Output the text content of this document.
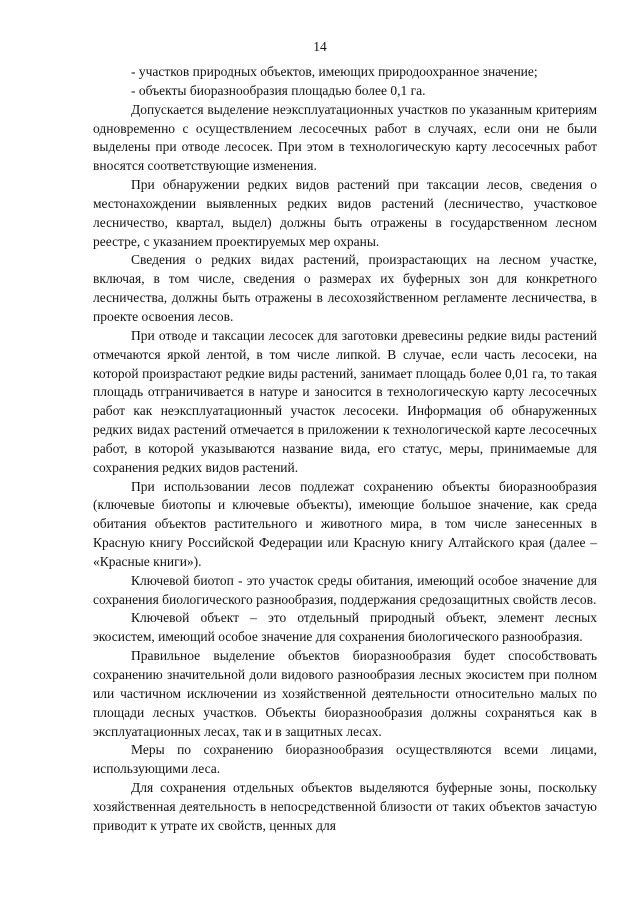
14

- участков природных объектов, имеющих природоохранное значение;

- объекты биоразнообразия площадью более 0,1 га.

Допускается выделение неэксплуатационных участков по указанным критериям одновременно с осуществлением лесосечных работ в случаях, если они не были выделены при отводе лесосек. При этом в технологическую карту лесосечных работ вносятся соответствующие изменения.

При обнаружении редких видов растений при таксации лесов, сведения о местонахождении выявленных редких видов растений (лесничество, участковое лесничество, квартал, выдел) должны быть отражены в государственном лесном реестре, с указанием проектируемых мер охраны.

Сведения о редких видах растений, произрастающих на лесном участке, включая, в том числе, сведения о размерах их буферных зон для конкретного лесничества, должны быть отражены в лесохозяйственном регламенте лесничества, в проекте освоения лесов.

При отводе и таксации лесосек для заготовки древесины редкие виды растений отмечаются яркой лентой, в том числе липкой. В случае, если часть лесосеки, на которой произрастают редкие виды растений, занимает площадь более 0,01 га, то такая площадь отграничивается в натуре и заносится в технологическую карту лесосечных работ как неэксплуатационный участок лесосеки. Информация об обнаруженных редких видах растений отмечается в приложении к технологической карте лесосечных работ, в которой указываются название вида, его статус, меры, принимаемые для сохранения редких видов растений.

При использовании лесов подлежат сохранению объекты биоразнообразия (ключевые биотопы и ключевые объекты), имеющие большое значение, как среда обитания объектов растительного и животного мира, в том числе занесенных в Красную книгу Российской Федерации или Красную книгу Алтайского края (далее – «Красные книги»).

Ключевой биотоп - это участок среды обитания, имеющий особое значение для сохранения биологического разнообразия, поддержания средозащитных свойств лесов.

Ключевой объект – это отдельный природный объект, элемент лесных экосистем, имеющий особое значение для сохранения биологического разнообразия.

Правильное выделение объектов биоразнообразия будет способствовать сохранению значительной доли видового разнообразия лесных экосистем при полном или частичном исключении из хозяйственной деятельности относительно малых по площади лесных участков. Объекты биоразнообразия должны сохраняться как в эксплуатационных лесах, так и в защитных лесах.

Меры по сохранению биоразнообразия осуществляются всеми лицами, использующими леса.

Для сохранения отдельных объектов выделяются буферные зоны, поскольку хозяйственная деятельность в непосредственной близости от таких объектов зачастую приводит к утрате их свойств, ценных для
